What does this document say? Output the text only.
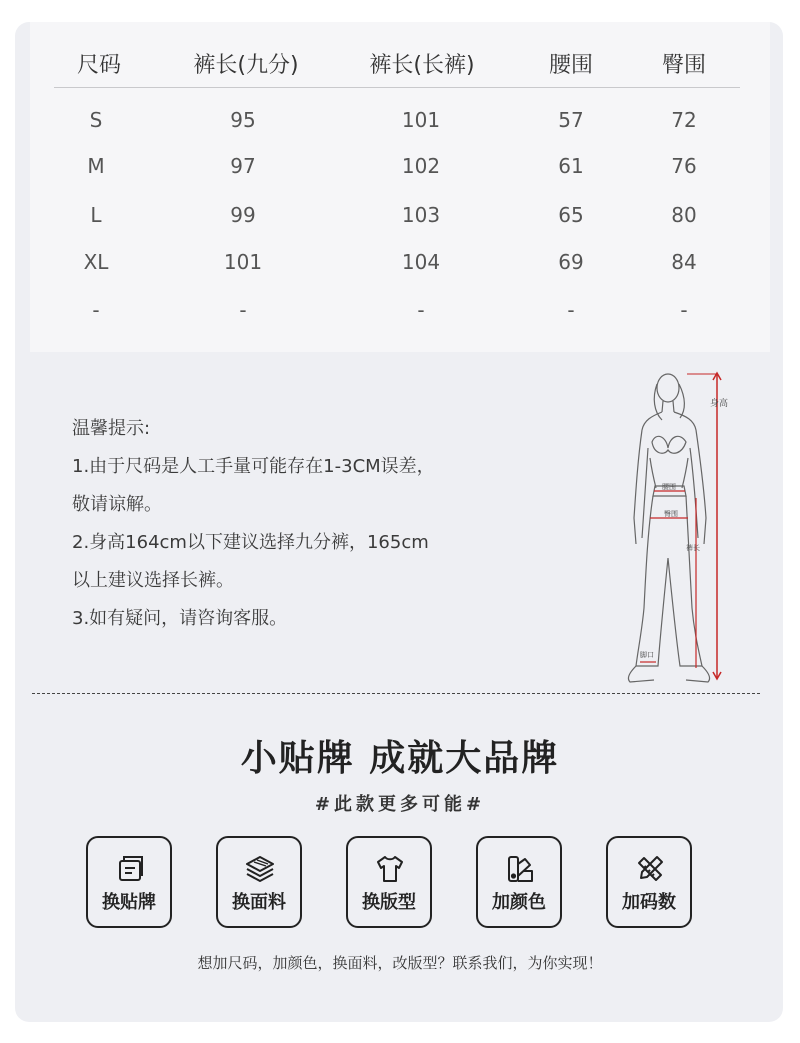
尺码	裤长(九分)	裤长(长裤)	腰围	臀围
S	95	101	57	72
M	97	102	61	76
L	99	103	65	80
XL	101	104	69	84
-	-	-	-	-
温馨提示:
1.由于尺码是人工手量可能存在1-3CM误差，
敬请谅解。
2.身高164cm以下建议选择九分裤，165cm
以上建议选择长裤。
3.如有疑问，请咨询客服。
身高
腰围
臀围
裤长
脚口
小贴牌 成就大品牌
#此款更多可能#
换贴牌	换面料	换版型	加颜色	加码数
想加尺码，加颜色，换面料，改版型？联系我们，为你实现！
